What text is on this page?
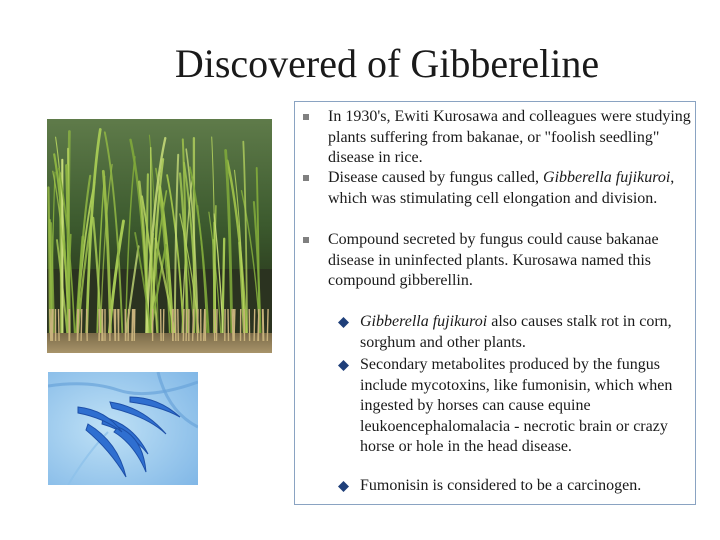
Discovered of Gibbereline
In 1930's, Ewiti Kurosawa and colleagues were studying plants suffering from bakanae, or "foolish seedling" disease in rice.
Disease caused by fungus called, Gibberella fujikuroi, which was stimulating cell elongation and division.
Compound secreted by fungus could cause bakanae disease in uninfected plants. Kurosawa named this compound gibberellin.
Gibberella fujikuroi also causes stalk rot in corn, sorghum and other plants.
Secondary metabolites produced by the fungus include mycotoxins, like fumonisin, which when ingested by horses can cause equine leukoencephalomalacia - necrotic brain or crazy horse or hole in the head disease.
Fumonisin is considered to be a carcinogen.
